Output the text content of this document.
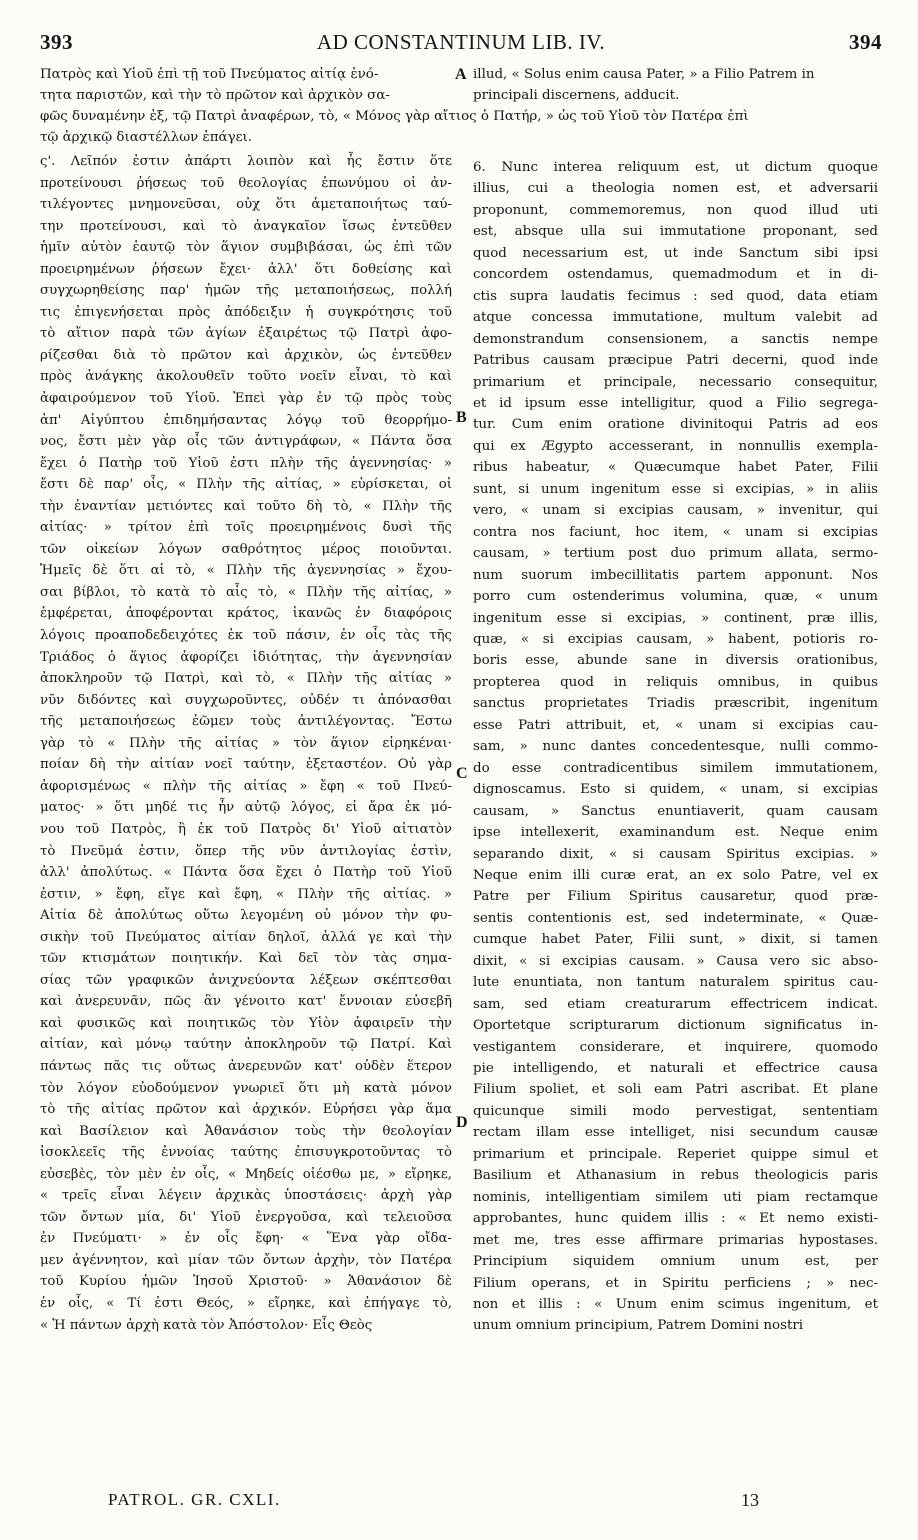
393	AD CONSTANTINUM LIB. IV.	394
Πατρὸς καὶ Υἱοῦ ἐπὶ τῇ τοῦ Πνεύματος αἰτίᾳ ἑνό-
τητα παριστῶν, καὶ τὴν τὸ πρῶτον καὶ ἀρχικὸν σα-
illud, « Solus enim causa Pater, » a Filio Patrem in
principali discernens, adducit.
φῶς δυναμένην ἐξ, τῷ Πατρὶ ἀναφέρων, τὸ, « Μόνος γὰρ αἴτιος ὁ Πατήρ, » ὡς τοῦ Υἱοῦ τὸν Πατέρα ἐπὶ
τῷ ἀρχικῷ διαστέλλων ἐπάγει.
ς'. Λεῖπόν ἐστιν ἀπάρτι λοιπὸν καὶ ἧς ἔστιν ὅτε
προτείνουσι ῥήσεως τοῦ θεολογίας ἐπωνύμου οἱ ἀν-
τιλέγοντες μνημονεῦσαι, οὐχ ὅτι ἀμεταποιήτως ταύ-
την προτείνουσι, καὶ τὸ ἀναγκαῖον ἴσως ἐντεῦθεν
ἡμῖν αὐτὸν ἑαυτῷ τὸν ἅγιον συμβιβάσαι, ὡς ἐπὶ τῶν
προειρημένων ῥήσεων ἔχει· ἀλλ' ὅτι δοθείσης καὶ
συγχωρηθείσης παρ' ἡμῶν τῆς μεταποιήσεως, πολλή
τις ἐπιγενήσεται πρὸς ἀπόδειξιν ἡ συγκρότησις τοῦ
τὸ αἴτιον παρὰ τῶν ἁγίων ἐξαιρέτως τῷ Πατρὶ ἀφο-
ρίζεσθαι διὰ τὸ πρῶτον καὶ ἀρχικὸν, ὡς ἐντεῦθεν
πρὸς ἀνάγκης ἀκολουθεῖν τοῦτο νοεῖν εἶναι, τὸ καὶ
ἀφαιρούμενον τοῦ Υἱοῦ. Ἐπεὶ γὰρ ἐν τῷ πρὸς τοὺς
ἀπ' Αἰγύπτου ἐπιδημήσαντας λόγῳ τοῦ θεορρήμο-
νος, ἔστι μὲν γὰρ οἷς τῶν ἀντιγράφων, « Πάντα ὅσα
ἔχει ὁ Πατὴρ τοῦ Υἱοῦ ἐστι πλὴν τῆς ἀγεννησίας· »
ἔστι δὲ παρ' οἷς, « Πλὴν τῆς αἰτίας, » εὑρίσκεται, οἱ
τὴν ἐναντίαν μετιόντες καὶ τοῦτο δὴ τὸ, « Πλὴν τῆς
αἰτίας· » τρίτον ἐπὶ τοῖς προειρημένοις δυσὶ τῆς
τῶν οἰκείων λόγων σαθρότητος μέρος ποιοῦνται.
Ἡμεῖς δὲ ὅτι αἱ τὸ, « Πλὴν τῆς ἀγεννησίας » ἔχου-
σαι βίβλοι, τὸ κατὰ τὸ αἷς τὸ, « Πλὴν τῆς αἰτίας, »
ἐμφέρεται, ἀποφέρονται κράτος, ἱκανῶς ἐν διαφόροις
λόγοις προαποδεδειχότες ἐκ τοῦ πάσιν, ἐν οἷς τὰς τῆς
Τριάδος ὁ ἅγιος ἀφορίζει ἰδιότητας, τὴν ἀγεννησίαν
ἀποκληροῦν τῷ Πατρὶ, καὶ τὸ, « Πλὴν τῆς αἰτίας »
νῦν διδόντες καὶ συγχωροῦντες, οὐδέν τι ἀπόνασθαι
τῆς μεταποιήσεως ἐῶμεν τοὺς ἀντιλέγοντας. Ἔστω
γὰρ τὸ « Πλὴν τῆς αἰτίας » τὸν ἅγιον εἰρηκέναι·
ποίαν δὴ τὴν αἰτίαν νοεῖ ταύτην, ἐξεταστέον. Οὐ γὰρ
ἀφορισμένως « πλὴν τῆς αἰτίας » ἔφη « τοῦ Πνεύ-
ματος· » ὅτι μηδέ τις ἦν αὐτῷ λόγος, εἰ ἄρα ἐκ μό-
νου τοῦ Πατρὸς, ἢ ἐκ τοῦ Πατρὸς δι' Υἱοῦ αἰτιατὸν
τὸ Πνεῦμά ἐστιν, ὅπερ τῆς νῦν ἀντιλογίας ἐστὶν,
ἀλλ' ἀπολύτως. « Πάντα ὅσα ἔχει ὁ Πατὴρ τοῦ Υἱοῦ
ἐστιν, » ἔφη, εἴγε καὶ ἔφη, « Πλὴν τῆς αἰτίας. »
Αἰτία δὲ ἀπολύτως οὕτω λεγομένη οὐ μόνον τὴν φυ-
σικὴν τοῦ Πνεύματος αἰτίαν δηλοῖ, ἀλλά γε καὶ τὴν
τῶν κτισμάτων ποιητικήν. Καὶ δεῖ τὸν τὰς σημα-
σίας τῶν γραφικῶν ἀνιχνεύοντα λέξεων σκέπτεσθαι
καὶ ἀνερευνᾶν, πῶς ἂν γένοιτο κατ' ἔννοιαν εὐσεβῆ
καὶ φυσικῶς καὶ ποιητικῶς τὸν Υἱὸν ἀφαιρεῖν τὴν
αἰτίαν, καὶ μόνῳ ταύτην ἀποκληροῦν τῷ Πατρί. Καὶ
πάντως πᾶς τις οὕτως ἀνερευνῶν κατ' οὐδὲν ἕτερον
τὸν λόγον εὐοδούμενον γνωριεῖ ὅτι μὴ κατὰ μόνον
τὸ τῆς αἰτίας πρῶτον καὶ ἀρχικόν. Εὑρήσει γὰρ ἅμα
καὶ Βασίλειον καὶ Ἀθανάσιον τοὺς τὴν θεολογίαν
ἰσοκλεεῖς τῆς ἐννοίας ταύτης ἐπισυγκροτοῦντας τὸ
εὐσεβὲς, τὸν μὲν ἐν οἷς, « Μηδείς οἰέσθω με, » εἴρηκε,
« τρεῖς εἶναι λέγειν ἀρχικὰς ὑποστάσεις· ἀρχὴ γὰρ
τῶν ὄντων μία, δι' Υἱοῦ ἐνεργοῦσα, καὶ τελειοῦσα
ἐν Πνεύματι· » ἐν οἷς ἔφη· « Ἕνα γὰρ οἴδα-
μεν ἀγέννητον, καὶ μίαν τῶν ὄντων ἀρχὴν, τὸν Πατέρα
τοῦ Κυρίου ἡμῶν Ἰησοῦ Χριστοῦ· » Ἀθανάσιον δὲ
ἐν οἷς, « Τί ἐστι Θεός, » εἴρηκε, καὶ ἐπήγαγε τὸ,
« Ἡ πάντων ἀρχὴ κατὰ τὸν Ἀπόστολον· Εἷς Θεὸς
6. Nunc interea reliquum est, ut dictum quoque
illius, cui a theologia nomen est, et adversarii
proponunt, commemoremus, non quod illud uti
est, absque ulla sui immutatione proponant, sed
quod necessarium est, ut inde Sanctum sibi ipsi
concordem ostendamus, quemadmodum et in di-
ctis supra laudatis fecimus : sed quod, data etiam
atque concessa immutatione, multum valebit ad
demonstrandum consensionem, a sanctis nempe
Patribus causam præcipue Patri decerni, quod inde
primarium et principale, necessario consequitur,
et id ipsum esse intelligitur, quod a Filio segrega-
tur. Cum enim oratione divinitoqui Patris ad eos
qui ex Ægypto accesserant, in nonnullis exempla-
ribus habeatur, « Quæcumque habet Pater, Filii
sunt, si unum ingenitum esse si excipias, » in aliis
vero, « unam si excipias causam, » invenitur, qui
contra nos faciunt, hoc item, « unam si excipias
causam, » tertium post duo primum allata, sermo-
num suorum imbecillitatis partem apponunt. Nos
porro cum ostenderimus volumina, quæ, « unum
ingenitum esse si excipias, » continent, præ illis,
quæ, « si excipias causam, » habent, potioris ro-
boris esse, abunde sane in diversis orationibus,
propterea quod in reliquis omnibus, in quibus
sanctus proprietates Triadis præscribit, ingenitum
esse Patri attribuit, et, « unam si excipias cau-
sam, » nunc dantes concedentesque, nulli commo-
do esse contradicentibus similem immutationem,
dignoscamus. Esto si quidem, « unam, si excipias
causam, » Sanctus enuntiaverit, quam causam
ipse intellexerit, examinandum est. Neque enim
separando dixit, « si causam Spiritus excipias. »
Neque enim illi curæ erat, an ex solo Patre, vel ex
Patre per Filium Spiritus causaretur, quod præ-
sentis contentionis est, sed indeterminate, « Quæ-
cumque habet Pater, Filii sunt, » dixit, si tamen
dixit, « si excipias causam. » Causa vero sic abso-
lute enuntiata, non tantum naturalem spiritus cau-
sam, sed etiam creaturarum effectricem indicat.
Oportetque scripturarum dictionum significatus in-
vestigantem considerare, et inquirere, quomodo
pie intelligendo, et naturali et effectrice causa
Filium spoliet, et soli eam Patri ascribat. Et plane
quicunque simili modo pervestigat, sententiam
rectam illam esse intelliget, nisi secundum causæ
primarium et principale. Reperiet quippe simul et
Basilium et Athanasium in rebus theologicis paris
nominis, intelligentiam similem uti piam rectamque
approbantes, hunc quidem illis : « Et nemo existi-
met me, tres esse affirmare primarias hypostases.
Principium siquidem omnium unum est, per
Filium operans, et in Spiritu perficiens ; » nec-
non et illis : « Unum enim scimus ingenitum, et
unum omnium principium, Patrem Domini nostri
A
B
C
D
PATROL. GR. CXLI.	13
